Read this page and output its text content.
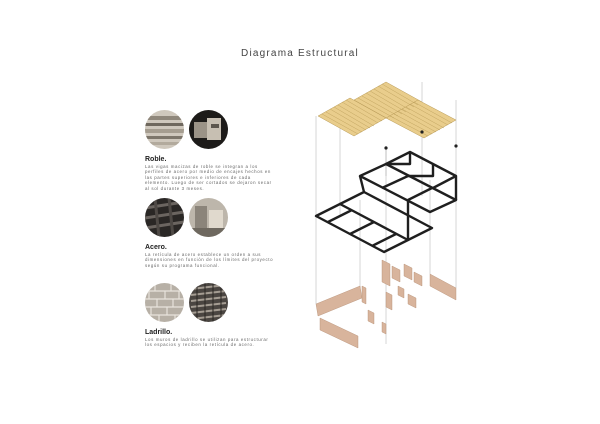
Diagrama Estructural
Roble.
Las vigas macizas de roble se integran a los perfiles de acero por medio de encajes hechos en las partes superiores e inferiores de cada elemento. Luego de ser cortados se dejaron secar al sol durante 3 meses.
Acero.
La retícula de acero establece un orden a sus dimensiones en función de los límites del proyecto según su programa funcional.
Ladrillo.
Los muros de ladrillo se utilizan para estructurar los espacios y reciben la retícula de acero.
